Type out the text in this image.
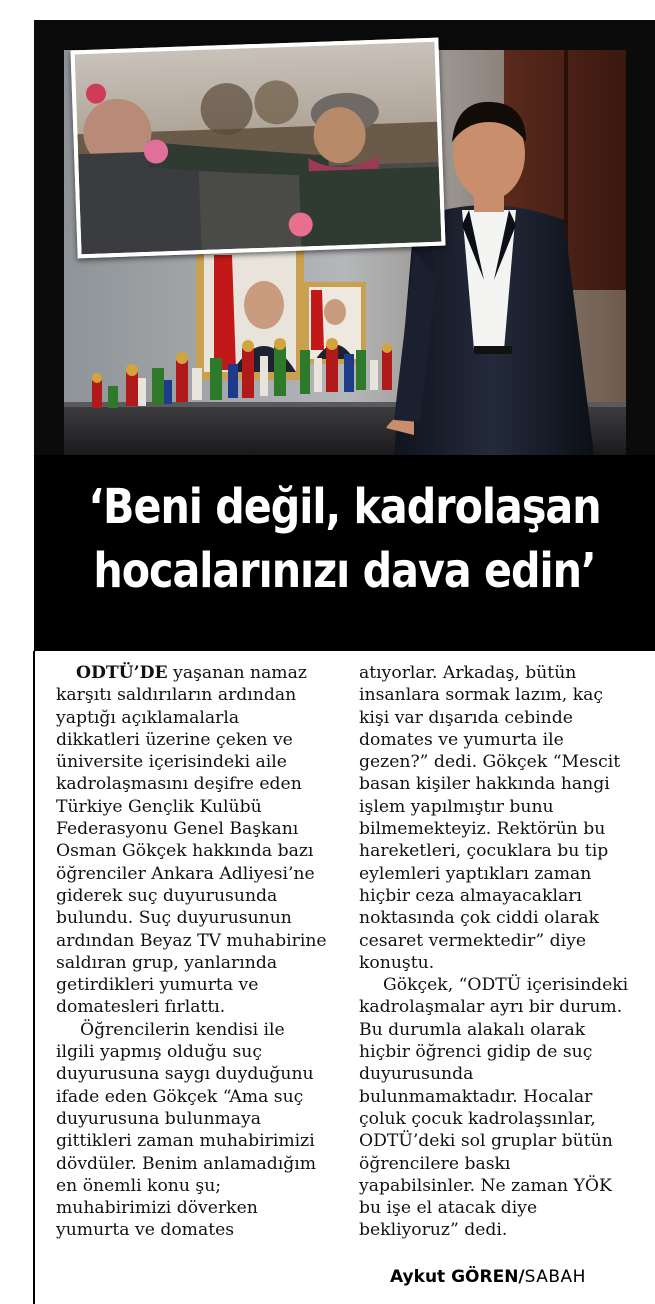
‘Beni değil, kadrolaşan
hocalarınızı dava edin’

ODTÜ’DE yaşanan namaz karşıtı saldırıların ardından yaptığı açıklamalarla dikkatleri üzerine çeken ve üniversite içerisindeki aile kadrolaşmasını deşifre eden Türkiye Gençlik Kulübü Federasyonu Genel Başkanı Osman Gökçek hakkında bazı öğrenciler Ankara Adliyesi’ne giderek suç duyurusunda bulundu. Suç duyurusunun ardından Beyaz TV muhabirine saldıran grup, yanlarında getirdikleri yumurta ve domatesleri fırlattı.

Öğrencilerin kendisi ile ilgili yapmış olduğu suç duyurusuna saygı duyduğunu ifade eden Gökçek “Ama suç duyurusuna bulunmaya gittikleri zaman muhabirimizi dövdüler. Benim anlamadığım en önemli konu şu; muhabirimizi döverken yumurta ve domates

atıyorlar. Arkadaş, bütün insanlara sormak lazım, kaç kişi var dışarıda cebinde domates ve yumurta ile gezen?” dedi. Gökçek “Mescit basan kişiler hakkında hangi işlem yapılmıştır bunu bilmemekteyiz. Rektörün bu hareketleri, çocuklara bu tip eylemleri yaptıkları zaman hiçbir ceza almayacakları noktasında çok ciddi olarak cesaret vermektedir” diye konuştu.

Gökçek, “ODTÜ içerisindeki kadrolaşmalar ayrı bir durum. Bu durumla alakalı olarak hiçbir öğrenci gidip de suç duyurusunda bulunmamaktadır. Hocalar çoluk çocuk kadrolaşsınlar, ODTÜ’deki sol gruplar bütün öğrencilere baskı yapabilsinler. Ne zaman YÖK bu işe el atacak diye bekliyoruz” dedi.

Aykut GÖREN/SABAH
